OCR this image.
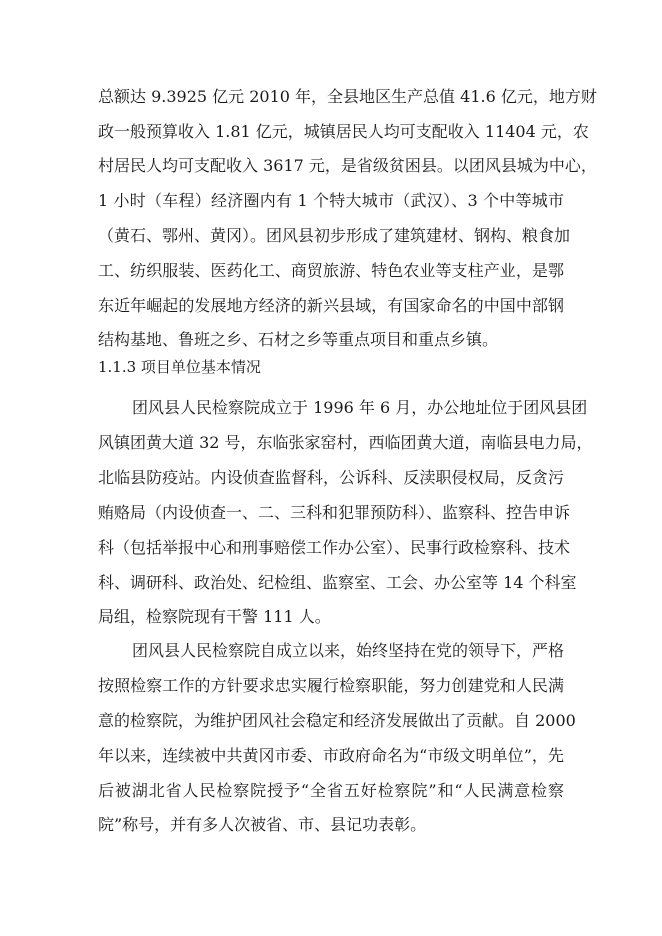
总额达 9.3925 亿元 2010 年，全县地区生产总值 41.6 亿元，地方财
政一般预算收入 1.81 亿元，城镇居民人均可支配收入 11404 元，农
村居民人均可支配收入 3617 元，是省级贫困县。以团风县城为中心，
1 小时（车程）经济圈内有 1 个特大城市（武汉）、3 个中等城市
（黄石、鄂州、黄冈）。团风县初步形成了建筑建材、钢构、粮食加
工、纺织服装、医药化工、商贸旅游、特色农业等支柱产业，是鄂
东近年崛起的发展地方经济的新兴县域，有国家命名的中国中部钢
结构基地、鲁班之乡、石材之乡等重点项目和重点乡镇。
1.1.3 项目单位基本情况
团风县人民检察院成立于 1996 年 6 月，办公地址位于团风县团
风镇团黄大道 32 号，东临张家窑村，西临团黄大道，南临县电力局，
北临县防疫站。内设侦查监督科，公诉科、反渎职侵权局，反贪污
贿赂局（内设侦查一、二、三科和犯罪预防科）、监察科、控告申诉
科（包括举报中心和刑事赔偿工作办公室）、民事行政检察科、技术
科、调研科、政治处、纪检组、监察室、工会、办公室等 14 个科室
局组，检察院现有干警 111 人。
团风县人民检察院自成立以来，始终坚持在党的领导下，严格
按照检察工作的方针要求忠实履行检察职能，努力创建党和人民满
意的检察院，为维护团风社会稳定和经济发展做出了贡献。自 2000
年以来，连续被中共黄冈市委、市政府命名为“市级文明单位”，先
后被湖北省人民检察院授予“全省五好检察院”和“人民满意检察
院”称号，并有多人次被省、市、县记功表彰。
